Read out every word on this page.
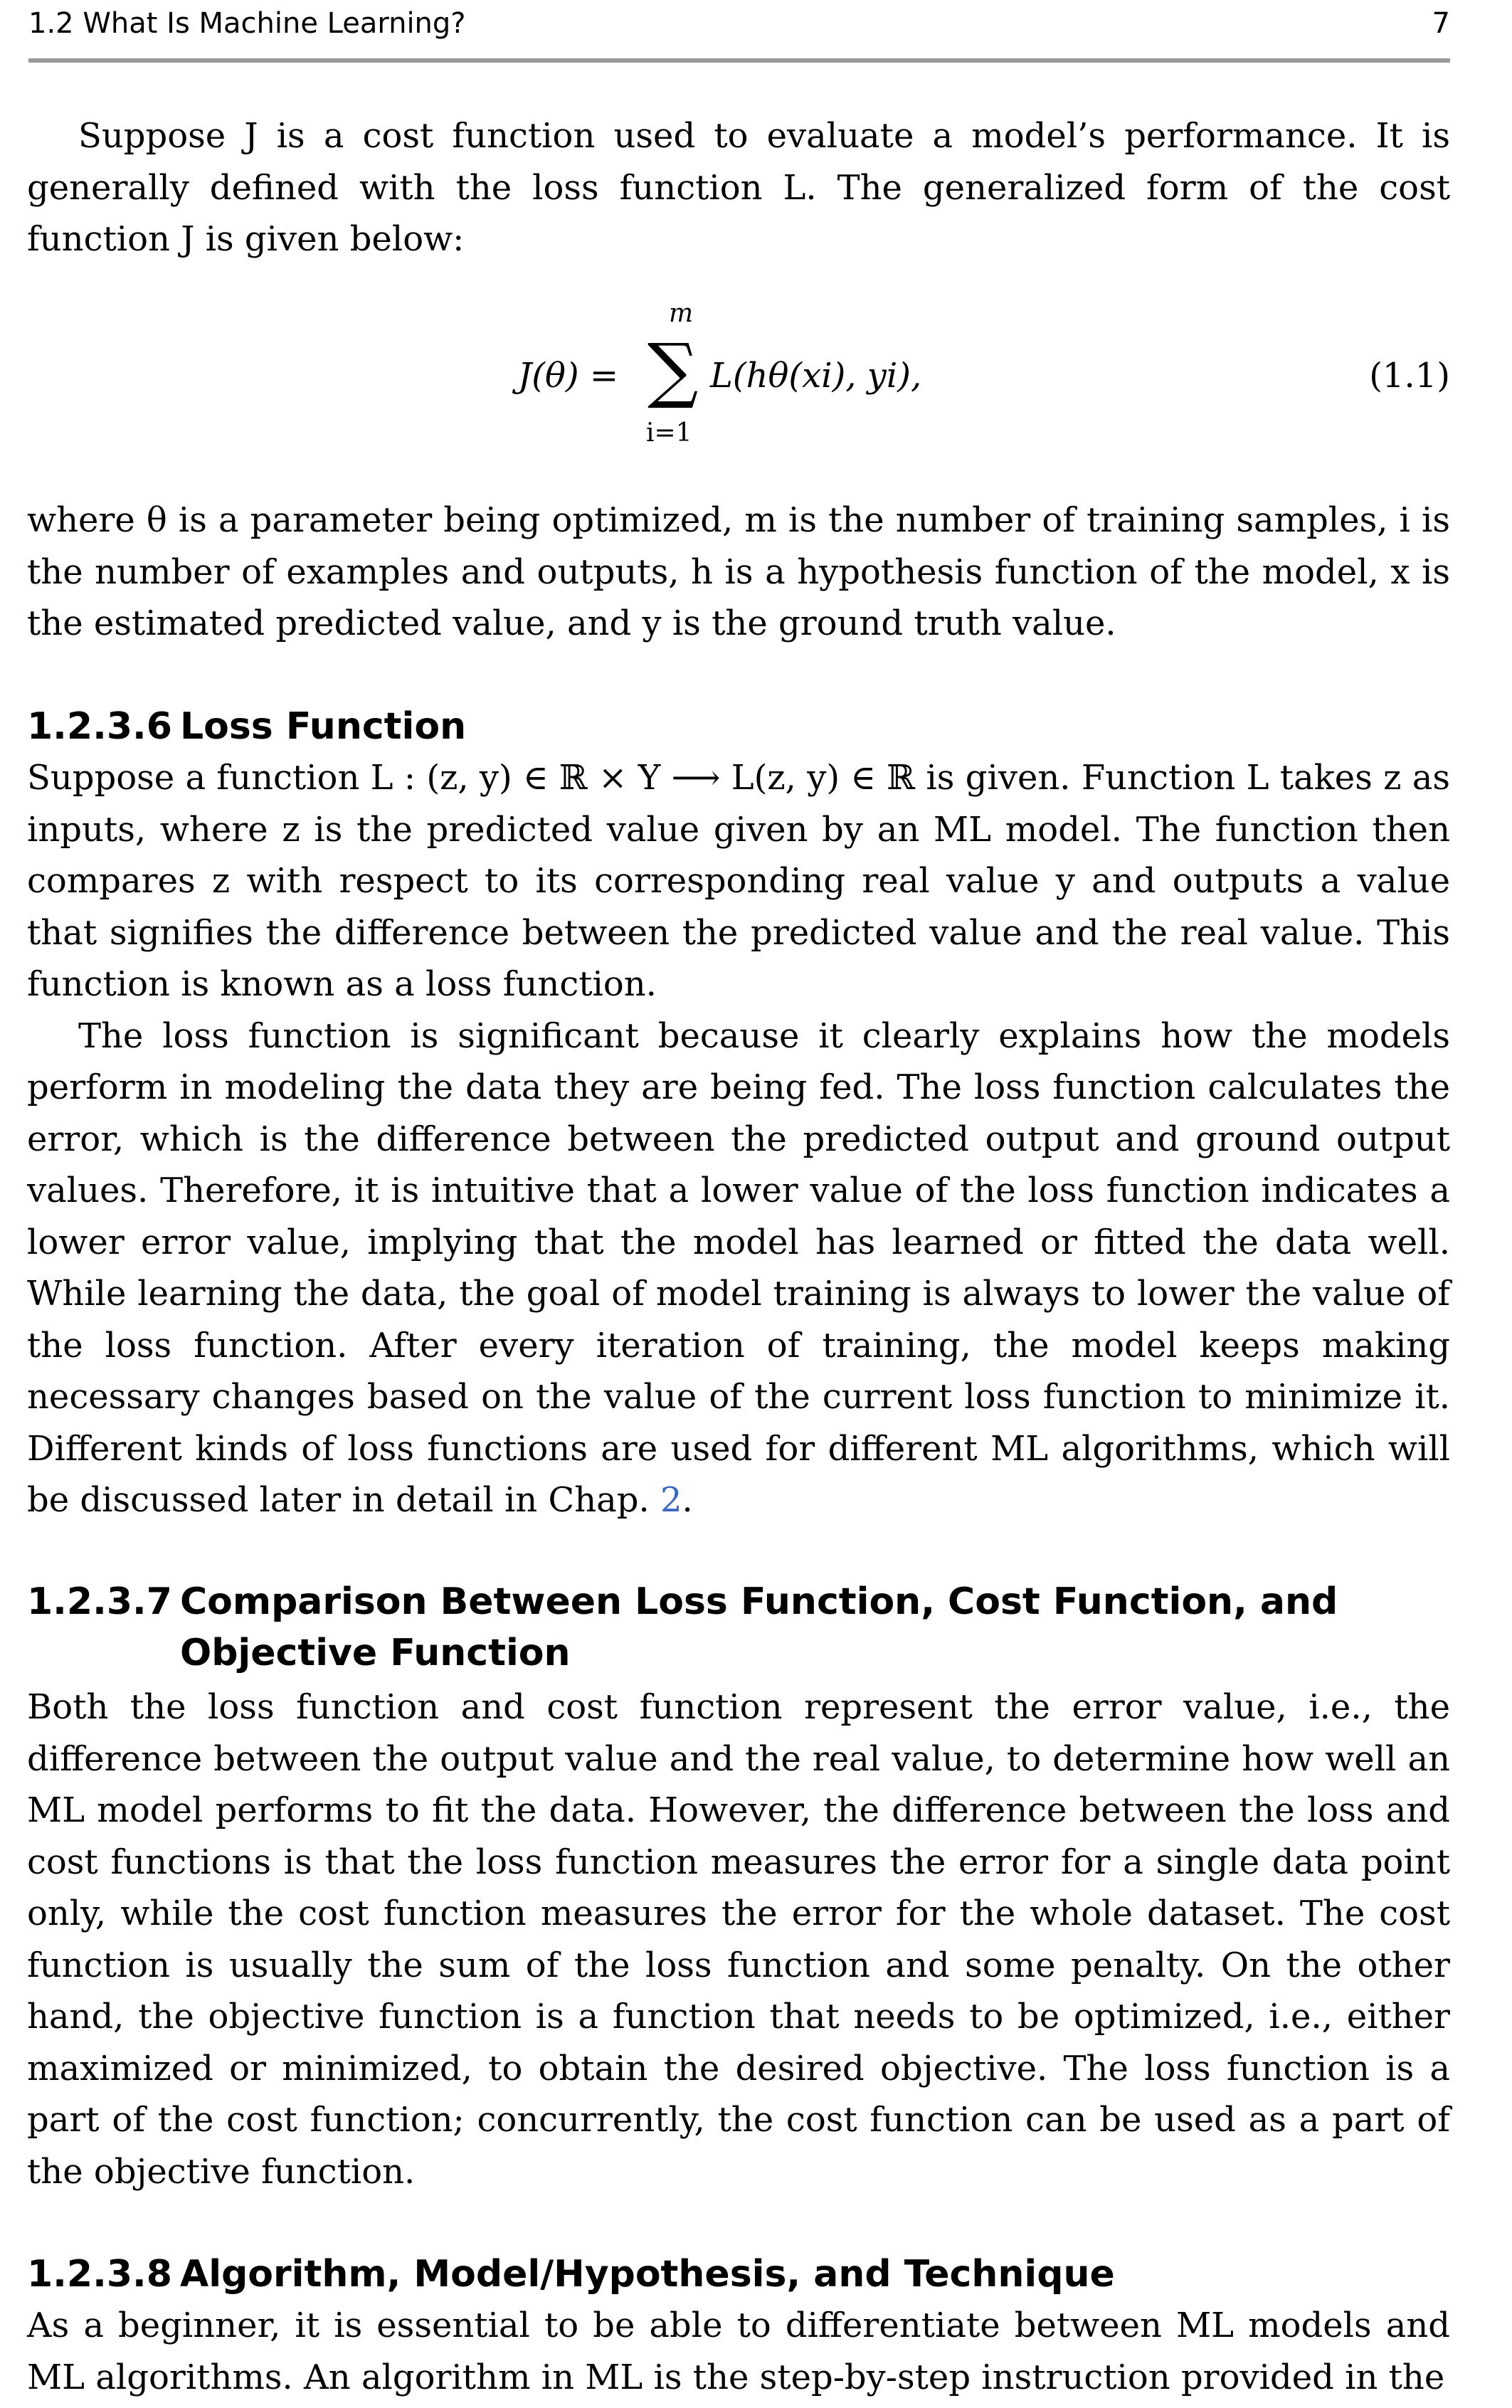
1.2 What Is Machine Learning?	7

Suppose J is a cost function used to evaluate a model’s performance. It is generally defined with the loss function L. The generalized form of the cost function J is given below:

J(θ) =
m
∑
i=1
L(hθ(xi), yi),	(1.1)

where θ is a parameter being optimized, m is the number of training samples, i is the number of examples and outputs, h is a hypothesis function of the model, x is the estimated predicted value, and y is the ground truth value.

1.2.3.6 Loss Function

Suppose a function L : (z, y) ∈ ℝ × Y ⟶ L(z, y) ∈ ℝ is given. Function L takes z as inputs, where z is the predicted value given by an ML model. The function then compares z with respect to its corresponding real value y and outputs a value that signifies the difference between the predicted value and the real value. This function is known as a loss function.

The loss function is significant because it clearly explains how the models perform in modeling the data they are being fed. The loss function calculates the error, which is the difference between the predicted output and ground output values. Therefore, it is intuitive that a lower value of the loss function indicates a lower error value, implying that the model has learned or fitted the data well. While learning the data, the goal of model training is always to lower the value of the loss function. After every iteration of training, the model keeps making necessary changes based on the value of the current loss function to minimize it. Different kinds of loss functions are used for different ML algorithms, which will be discussed later in detail in Chap. 2.

1.2.3.7 Comparison Between Loss Function, Cost Function, and
Objective Function

Both the loss function and cost function represent the error value, i.e., the difference between the output value and the real value, to determine how well an ML model performs to fit the data. However, the difference between the loss and cost functions is that the loss function measures the error for a single data point only, while the cost function measures the error for the whole dataset. The cost function is usually the sum of the loss function and some penalty. On the other hand, the objective function is a function that needs to be optimized, i.e., either maximized or minimized, to obtain the desired objective. The loss function is a part of the cost function; concurrently, the cost function can be used as a part of the objective function.

1.2.3.8 Algorithm, Model/Hypothesis, and Technique

As a beginner, it is essential to be able to differentiate between ML models and ML algorithms. An algorithm in ML is the step-by-step instruction provided in the
